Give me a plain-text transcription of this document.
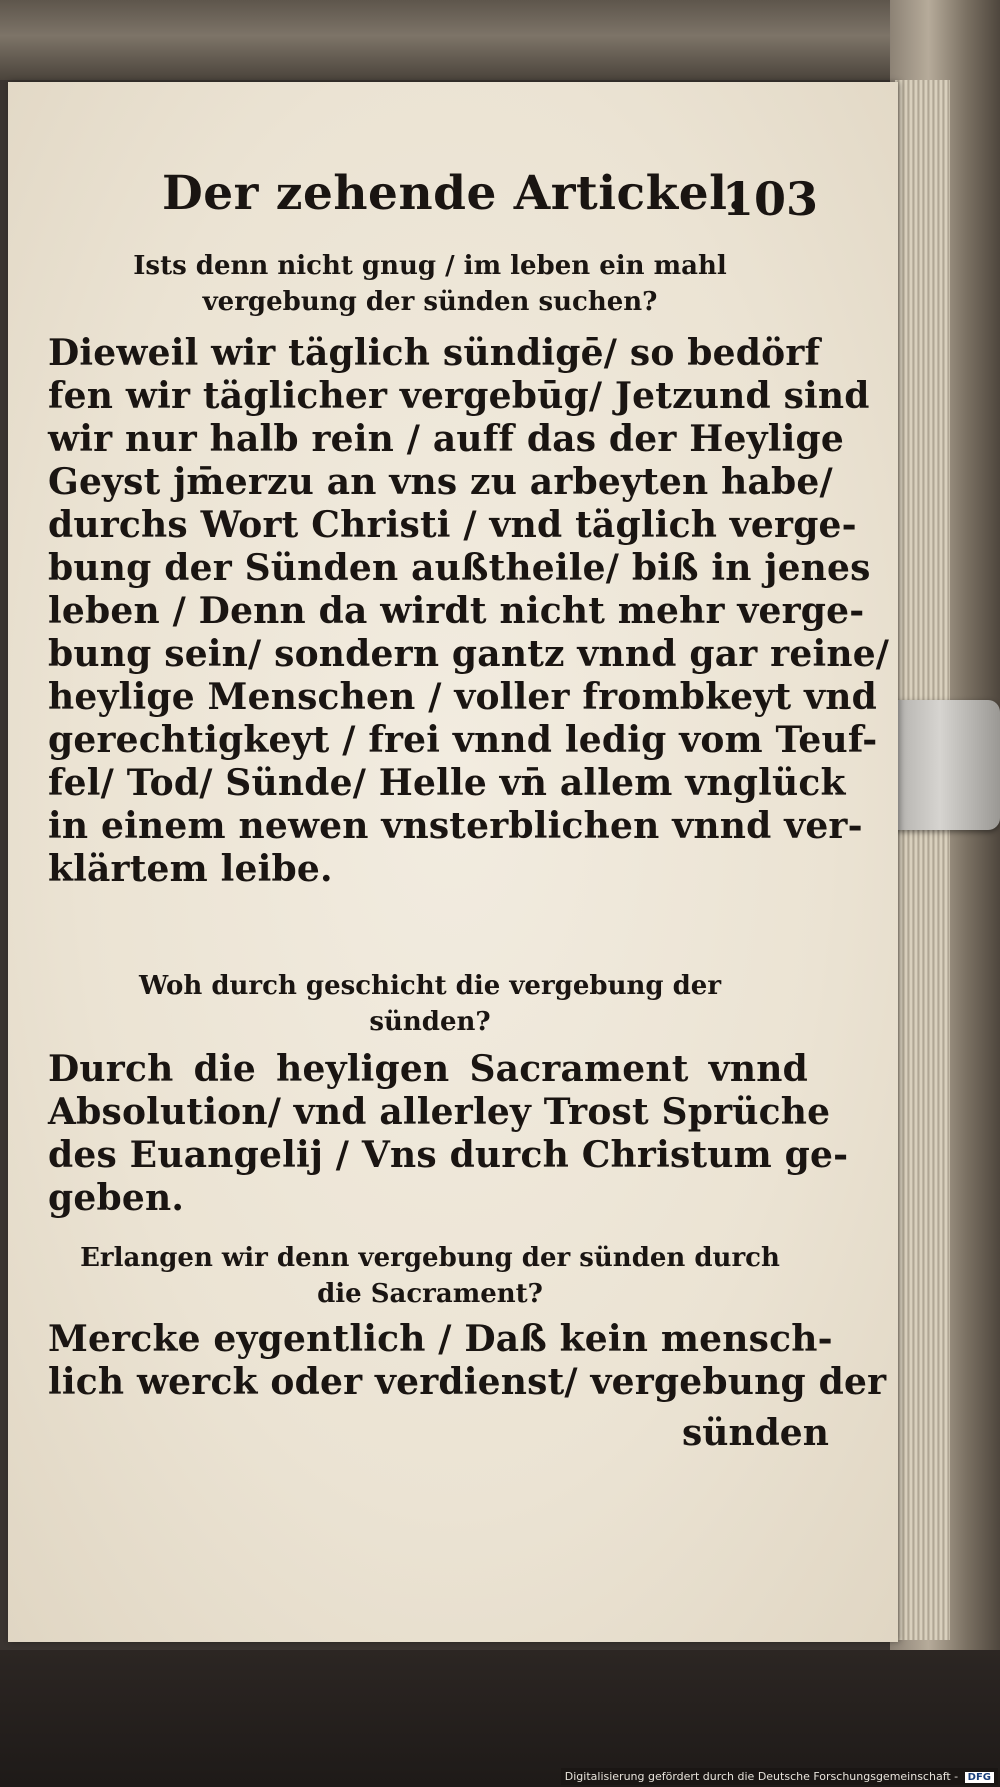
Der zehende Artickel.
103
Ists denn nicht gnug / im leben ein mahl vergebung der sünden suchen?
Dieweil wir täglich sündigē/ so bedörf
fen wir täglicher vergebūg/ Jetzund sind
wir nur halb rein / auff das der Heylige
Geyst jm̄erzu an vns zu arbeyten habe/
durchs Wort Christi / vnd täglich verge-
bung der Sünden außtheile/ biß in jenes
leben / Denn da wirdt nicht mehr verge-
bung sein/ sondern gantz vnnd gar reine/
heylige Menschen / voller frombkeyt vnd
gerechtigkeyt / frei vnnd ledig vom Teuf-
fel/ Tod/ Sünde/ Helle vn̄ allem vnglück
in einem newen vnsterblichen vnnd ver-
klärtem leibe.
Woh durch geschicht die vergebung der sünden?
Durch die heyligen Sacrament vnnd
Absolution/ vnd allerley Trost Sprüche
des Euangelij / Vns durch Christum ge-
geben.
Erlangen wir denn vergebung der sünden durch die Sacrament?
Mercke eygentlich / Daß kein mensch-
lich werck oder verdienst/ vergebung der
sünden
Digitalisierung gefördert durch die Deutsche Forschungsgemeinschaft - DFG
